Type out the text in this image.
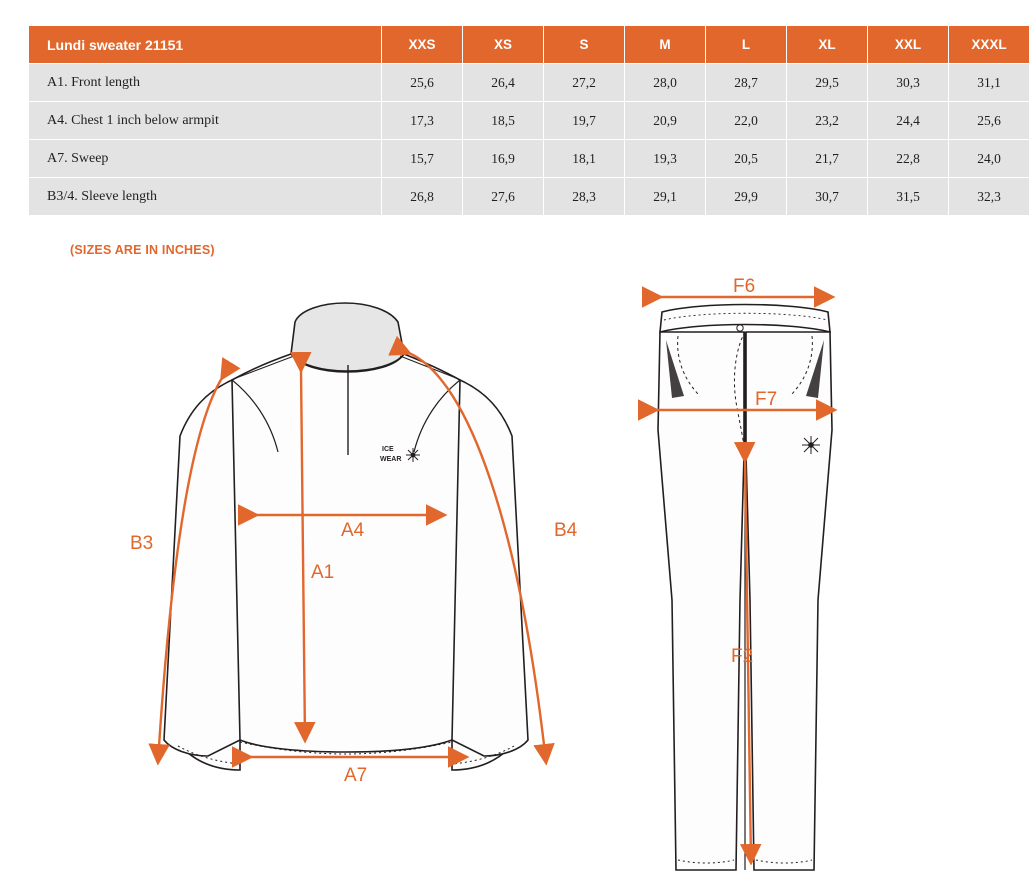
Lundi sweater 21151	XXS	XS	S	M	L	XL	XXL	XXXL
A1. Front length	25,6	26,4	27,2	28,0	28,7	29,5	30,3	31,1
A4. Chest 1 inch below armpit	17,3	18,5	19,7	20,9	22,0	23,2	24,4	25,6
A7. Sweep	15,7	16,9	18,1	19,3	20,5	21,7	22,8	24,0
B3/4. Sleeve length	26,8	27,6	28,3	29,1	29,9	30,7	31,5	32,3
(SIZES ARE IN INCHES)
ICE
WEAR
B3
B4
A4
A1
A7
F6
F7
F2
